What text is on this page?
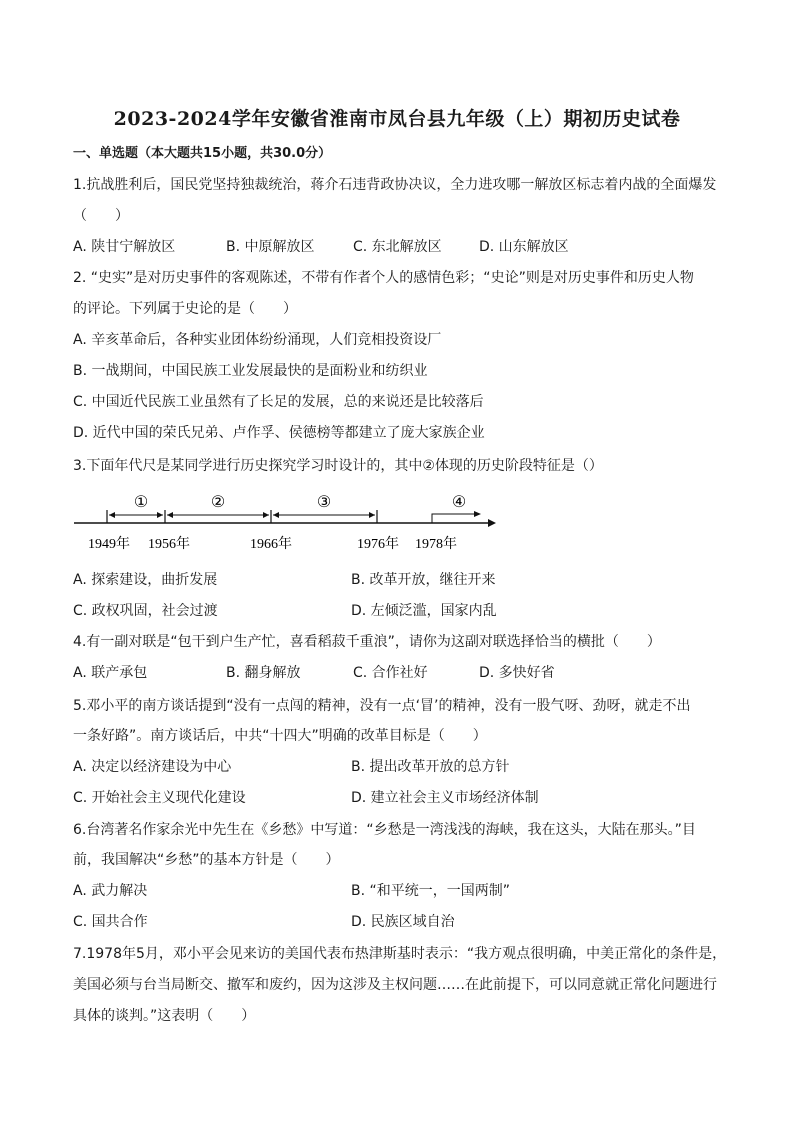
2023-2024学年安徽省淮南市凤台县九年级（上）期初历史试卷
一、单选题（本大题共15小题，共30.0分）
1.抗战胜利后，国民党坚持独裁统治，蒋介石违背政协决议，全力进攻哪一解放区标志着内战的全面爆发
（　　）
A. 陕甘宁解放区	B. 中原解放区	C. 东北解放区	D. 山东解放区
2. “史实”是对历史事件的客观陈述，不带有作者个人的感情色彩；“史论”则是对历史事件和历史人物
的评论。下列属于史论的是（　　）
A. 辛亥革命后，各种实业团体纷纷涌现，人们竞相投资设厂
B. 一战期间，中国民族工业发展最快的是面粉业和纺织业
C. 中国近代民族工业虽然有了长足的发展，总的来说还是比较落后
D. 近代中国的荣氏兄弟、卢作孚、侯德榜等都建立了庞大家族企业
3.下面年代尺是某同学进行历史探究学习时设计的，其中②体现的历史阶段特征是（）
①	②	③	④
1949年 1956年	1966年	1976年 1978年
A. 探索建设，曲折发展	B. 改革开放，继往开来
C. 政权巩固，社会过渡	D. 左倾泛滥，国家内乱
4.有一副对联是“包干到户生产忙，喜看稻菽千重浪”，请你为这副对联选择恰当的横批（　　）
A. 联产承包	B. 翻身解放	C. 合作社好	D. 多快好省
5.邓小平的南方谈话提到“没有一点闯的精神，没有一点‘冒’的精神，没有一股气呀、劲呀，就走不出
一条好路”。南方谈话后，中共“十四大”明确的改革目标是（　　）
A. 决定以经济建设为中心	B. 提出改革开放的总方针
C. 开始社会主义现代化建设	D. 建立社会主义市场经济体制
6.台湾著名作家余光中先生在《乡愁》中写道：“乡愁是一湾浅浅的海峡，我在这头，大陆在那头。”目
前，我国解决“乡愁”的基本方针是（　　）
A. 武力解决	B. “和平统一，一国两制”
C. 国共合作	D. 民族区域自治
7.1978年5月，邓小平会见来访的美国代表布热津斯基时表示：“我方观点很明确，中美正常化的条件是，
美国必须与台当局断交、撤军和废约，因为这涉及主权问题……在此前提下，可以同意就正常化问题进行
具体的谈判。”这表明（　　）
